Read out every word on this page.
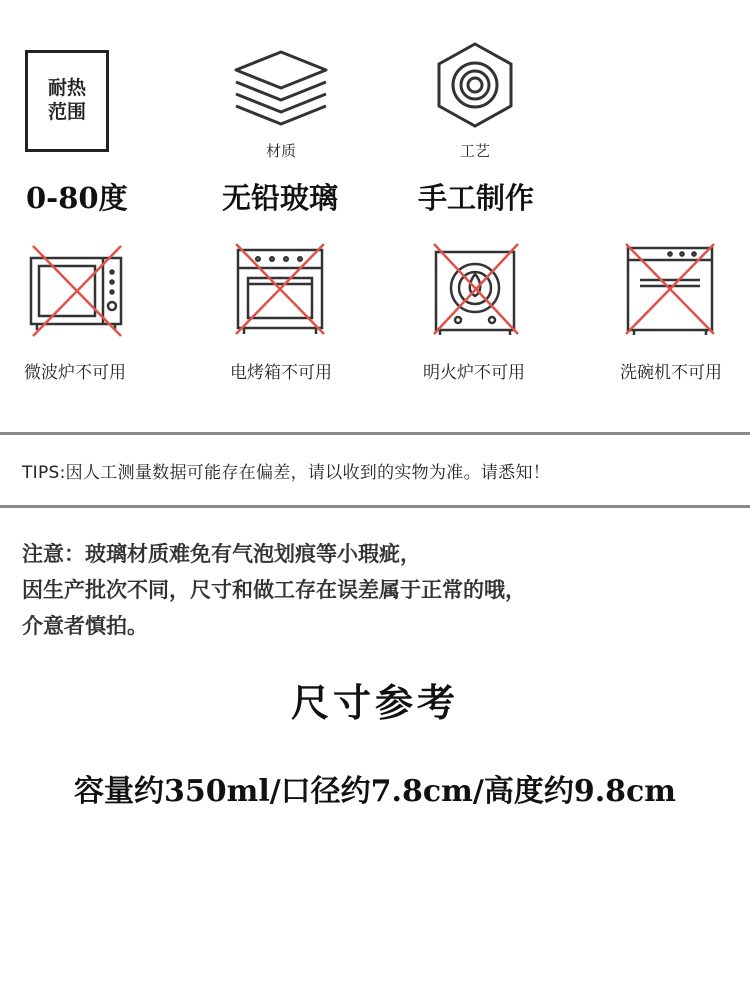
耐热
范围
0-80度
材质
无铅玻璃
工艺
手工制作
微波炉不可用	电烤箱不可用	明火炉不可用	洗碗机不可用
TIPS:因人工测量数据可能存在偏差，请以收到的实物为准。请悉知！
注意：玻璃材质难免有气泡划痕等小瑕疵，
因生产批次不同，尺寸和做工存在误差属于正常的哦，
介意者慎拍。
尺寸参考
容量约350ml/口径约7.8cm/高度约9.8cm
